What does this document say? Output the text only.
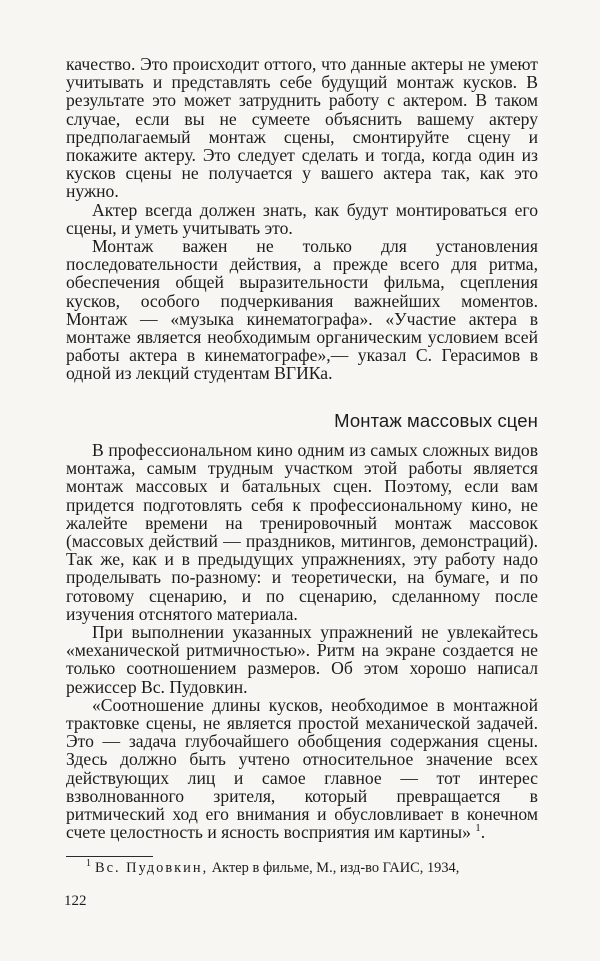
качество. Это происходит оттого, что данные актеры не умеют учитывать и представлять себе будущий монтаж кусков. В результате это может затруднить работу с актером. В таком случае, если вы не сумеете объяснить вашему актеру предполагаемый монтаж сцены, смонтируйте сцену и покажите актеру. Это следует сделать и тогда, когда один из кусков сцены не получается у вашего актера так, как это нужно.

Актер всегда должен знать, как будут монтироваться его сцены, и уметь учитывать это.

Монтаж важен не только для установления последовательности действия, а прежде всего для ритма, обеспечения общей выразительности фильма, сцепления кусков, особого подчеркивания важнейших моментов. Монтаж — «музыка кинематографа». «Участие актера в монтаже является необходимым органическим условием всей работы актера в кинематографе»,— указал С. Герасимов в одной из лекций студентам ВГИКа.

Монтаж массовых сцен

В профессиональном кино одним из самых сложных видов монтажа, самым трудным участком этой работы является монтаж массовых и батальных сцен. Поэтому, если вам придется подготовлять себя к профессиональному кино, не жалейте времени на тренировочный монтаж массовок (массовых действий — праздников, митингов, демонстраций). Так же, как и в предыдущих упражнениях, эту работу надо проделывать по-разному: и теоретически, на бумаге, и по готовому сценарию, и по сценарию, сделанному после изучения отснятого материала.

При выполнении указанных упражнений не увлекайтесь «механической ритмичностью». Ритм на экране создается не только соотношением размеров. Об этом хорошо написал режиссер Вс. Пудовкин.

«Соотношение длины кусков, необходимое в монтажной трактовке сцены, не является простой механической задачей. Это — задача глубочайшего обобщения содержания сцены. Здесь должно быть учтено относительное значение всех действующих лиц и самое главное — тот интерес взволнованного зрителя, который превращается в ритмический ход его внимания и обусловливает в конечном счете целостность и ясность восприятия им картины» $^1$.

$^1$ Вс. Пудовкин, Актер в фильме, М., изд-во ГАИС, 1934,

122
